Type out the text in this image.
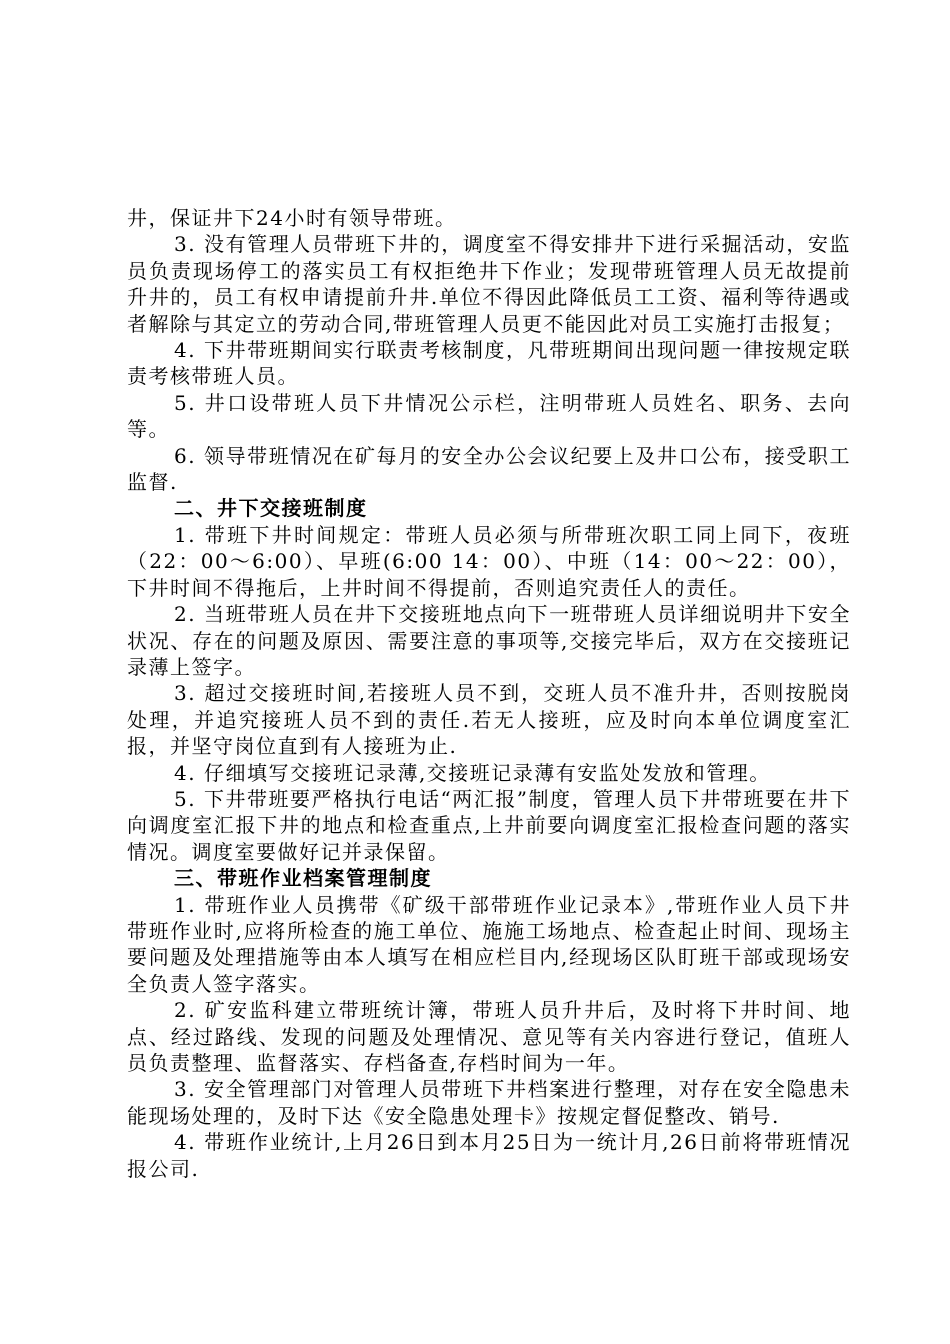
井，保证井下24小时有领导带班。

3. 没有管理人员带班下井的，调度室不得安排井下进行采掘活动，安监员负责现场停工的落实员工有权拒绝井下作业；发现带班管理人员无故提前升井的，员工有权申请提前升井.单位不得因此降低员工工资、福利等待遇或者解除与其定立的劳动合同,带班管理人员更不能因此对员工实施打击报复；

4. 下井带班期间实行联责考核制度，凡带班期间出现问题一律按规定联责考核带班人员。

5. 井口设带班人员下井情况公示栏，注明带班人员姓名、职务、去向等。

6. 领导带班情况在矿每月的安全办公会议纪要上及井口公布，接受职工监督.

二、井下交接班制度

1. 带班下井时间规定：带班人员必须与所带班次职工同上同下，夜班（22：00～6:00）、早班(6:00 14：00）、中班（14：00～22：00），下井时间不得拖后，上井时间不得提前，否则追究责任人的责任。

2. 当班带班人员在井下交接班地点向下一班带班人员详细说明井下安全状况、存在的问题及原因、需要注意的事项等,交接完毕后，双方在交接班记录薄上签字。

3. 超过交接班时间,若接班人员不到，交班人员不准升井，否则按脱岗处理，并追究接班人员不到的责任.若无人接班，应及时向本单位调度室汇报，并坚守岗位直到有人接班为止.

4. 仔细填写交接班记录薄,交接班记录薄有安监处发放和管理。

5. 下井带班要严格执行电话“两汇报”制度，管理人员下井带班要在井下向调度室汇报下井的地点和检查重点,上井前要向调度室汇报检查问题的落实情况。调度室要做好记并录保留。

三、带班作业档案管理制度

1. 带班作业人员携带《矿级干部带班作业记录本》,带班作业人员下井带班作业时,应将所检查的施工单位、施施工场地点、检查起止时间、现场主要问题及处理措施等由本人填写在相应栏目内,经现场区队盯班干部或现场安全负责人签字落实。

2. 矿安监科建立带班统计簿，带班人员升井后，及时将下井时间、地点、经过路线、发现的问题及处理情况、意见等有关内容进行登记，值班人员负责整理、监督落实、存档备查,存档时间为一年。

3. 安全管理部门对管理人员带班下井档案进行整理，对存在安全隐患未能现场处理的，及时下达《安全隐患处理卡》按规定督促整改、销号.

4. 带班作业统计,上月26日到本月25日为一统计月,26日前将带班情况报公司.
